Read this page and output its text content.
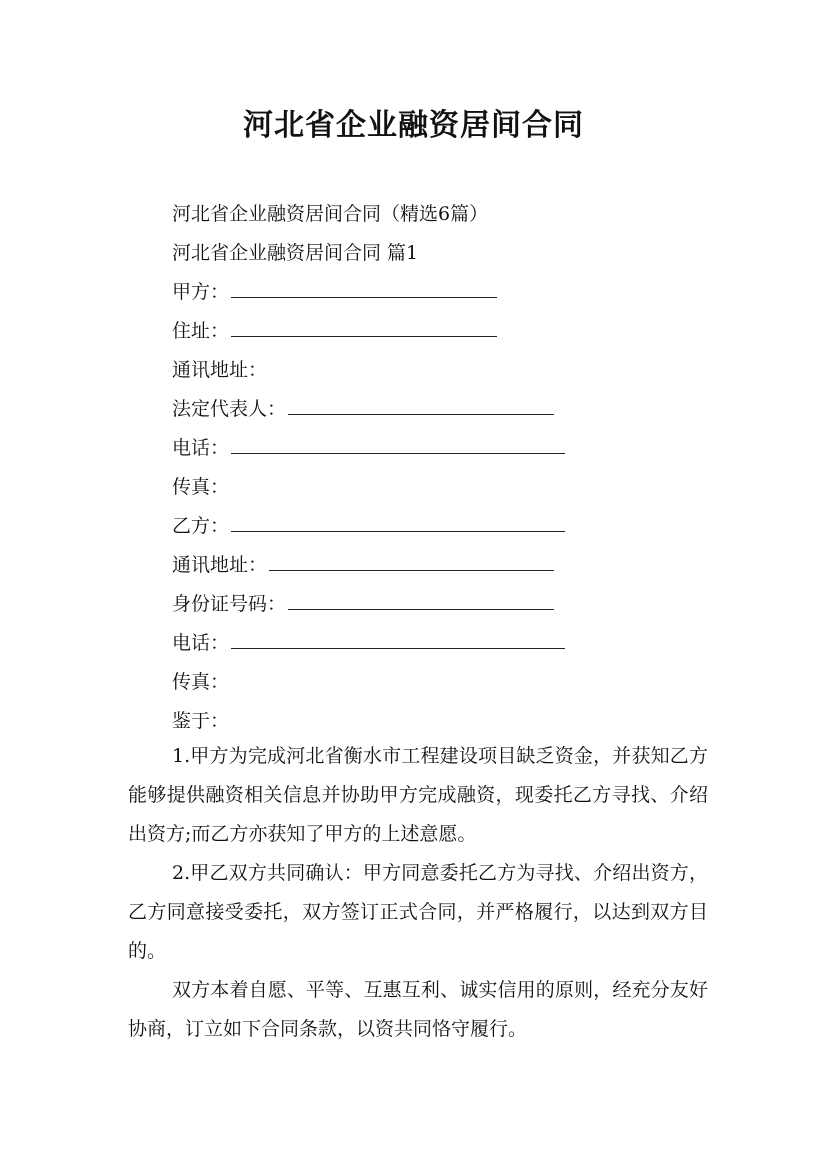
河北省企业融资居间合同
河北省企业融资居间合同（精选6篇）
河北省企业融资居间合同 篇1
甲方：
住址：
通讯地址：
法定代表人：
电话：
传真：
乙方：
通讯地址：
身份证号码：
电话：
传真：
鉴于：
1.甲方为完成河北省衡水市工程建设项目缺乏资金，并获知乙方能够提供融资相关信息并协助甲方完成融资，现委托乙方寻找、介绍出资方;而乙方亦获知了甲方的上述意愿。
2.甲乙双方共同确认：甲方同意委托乙方为寻找、介绍出资方，乙方同意接受委托，双方签订正式合同，并严格履行，以达到双方目的。
双方本着自愿、平等、互惠互利、诚实信用的原则，经充分友好协商，订立如下合同条款，以资共同恪守履行。
